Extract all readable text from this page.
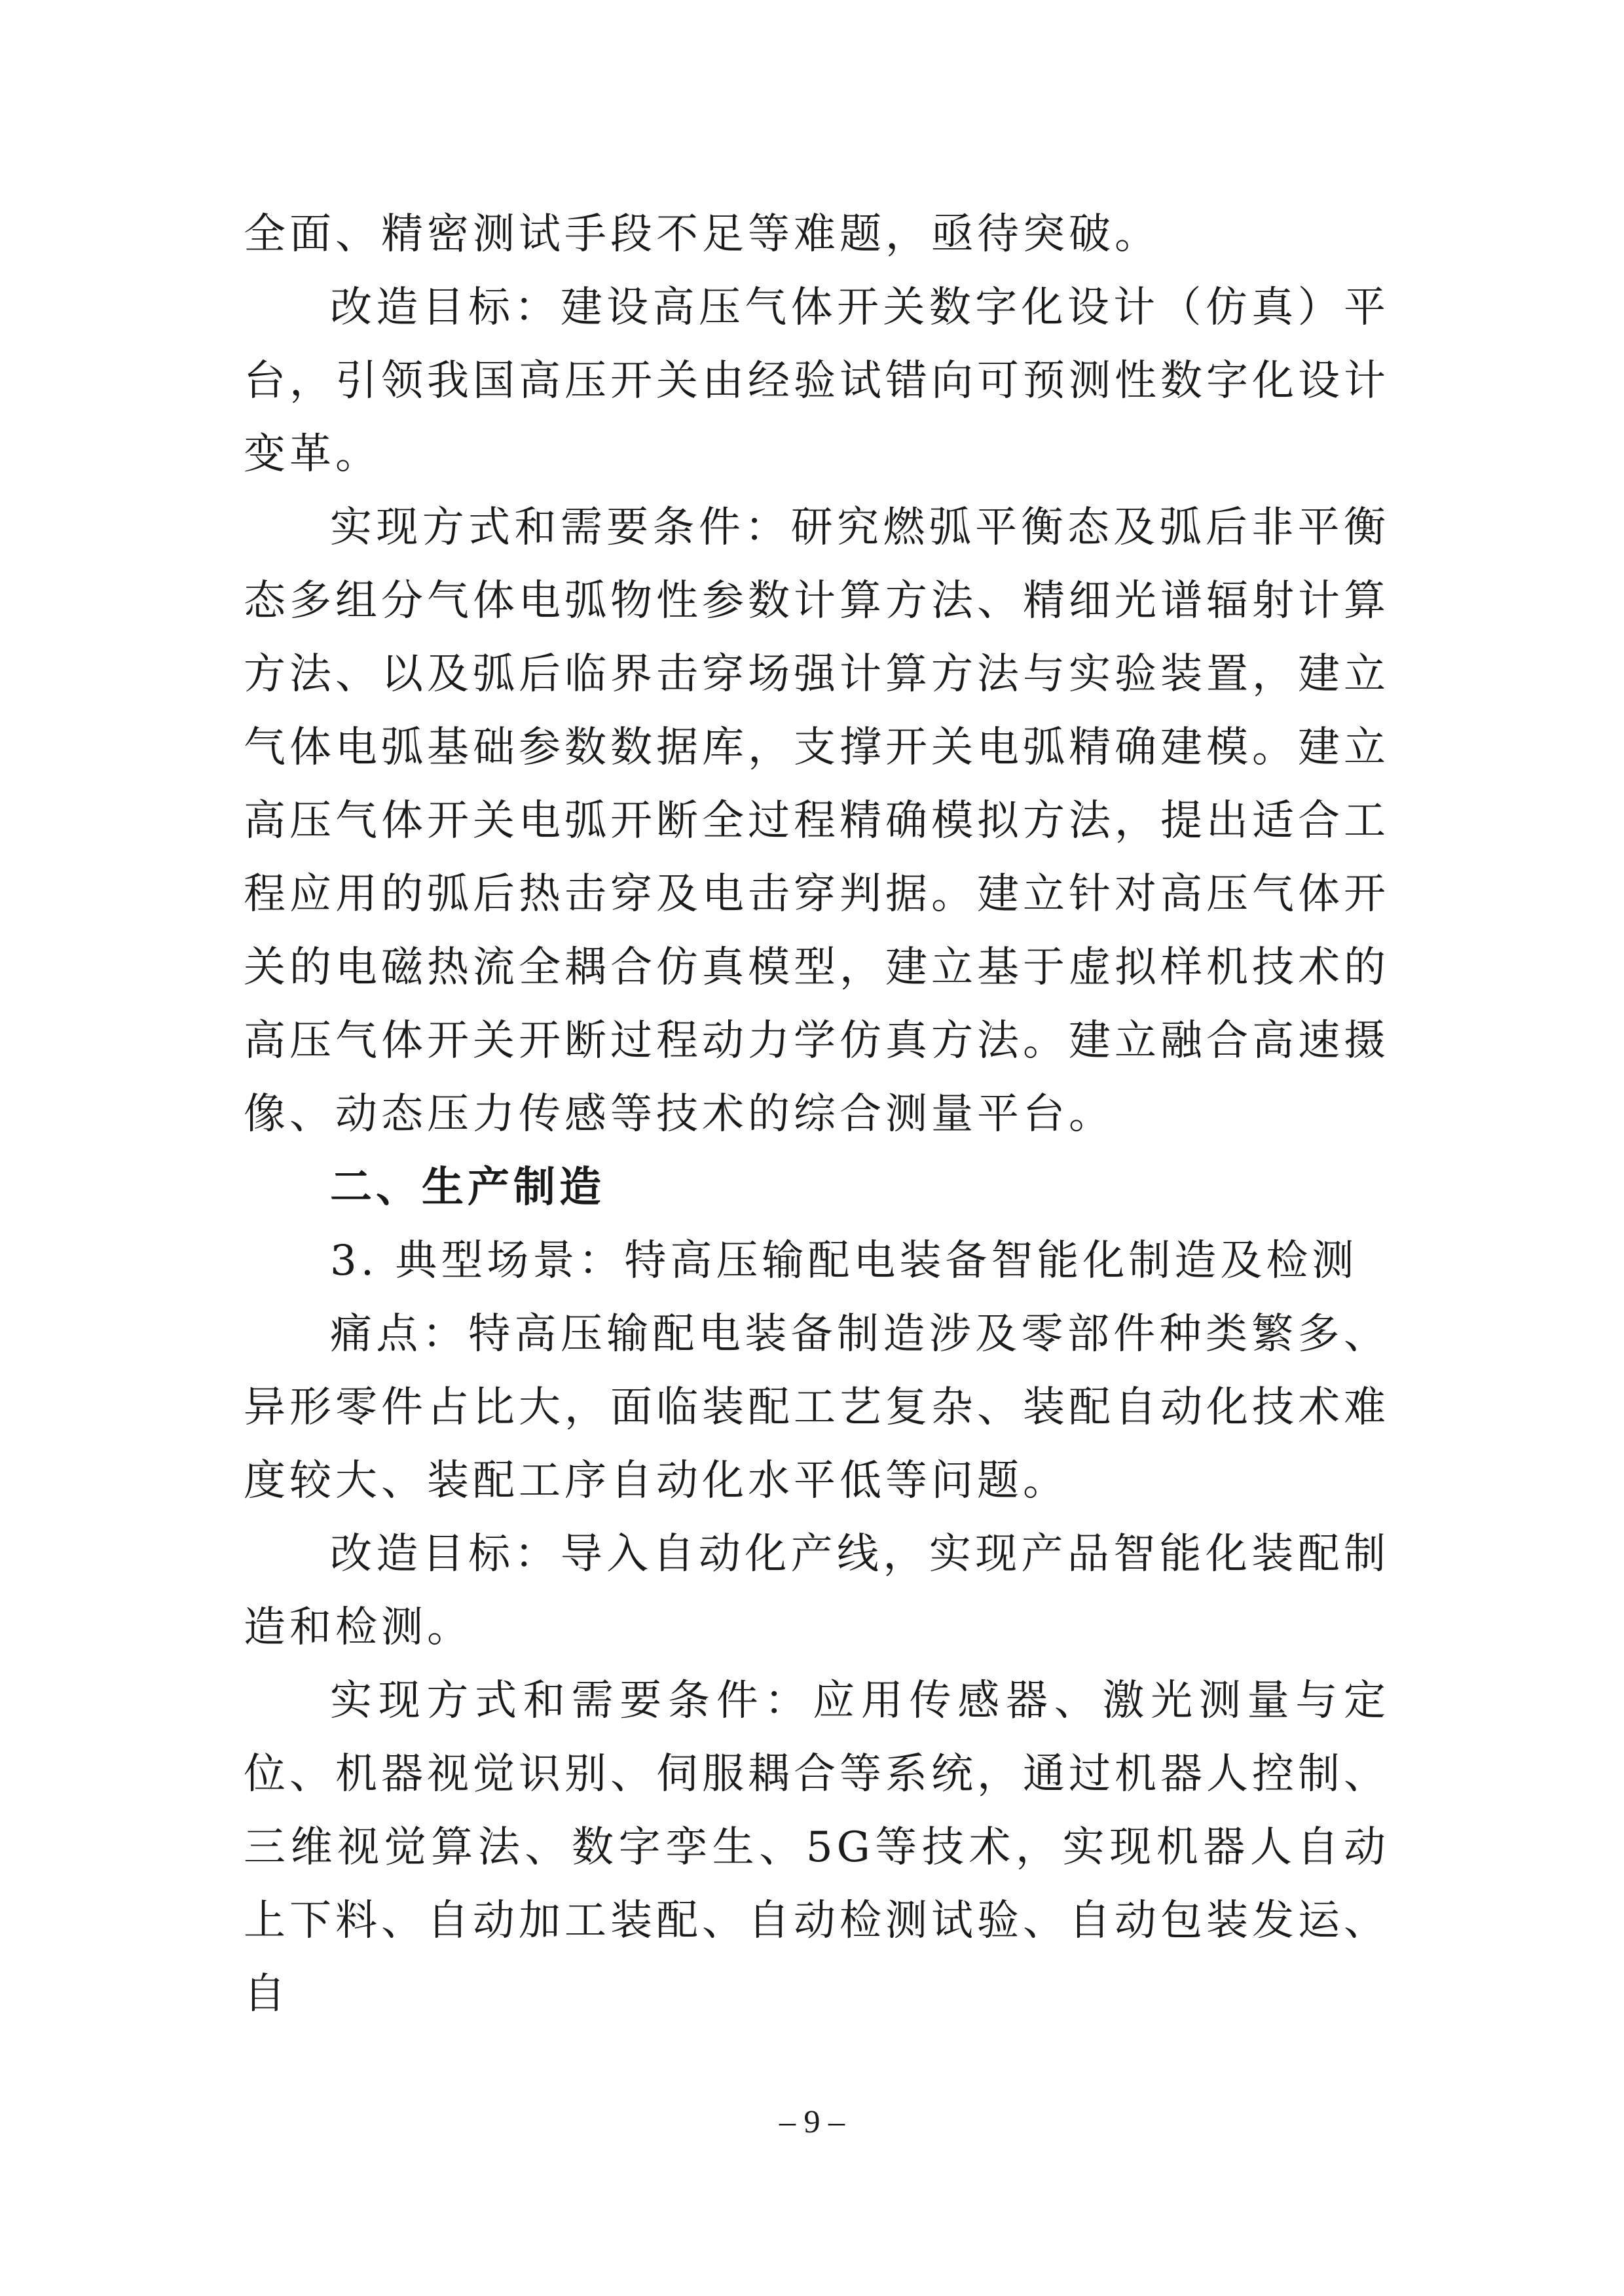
全面、精密测试手段不足等难题，亟待突破。

改造目标：建设高压气体开关数字化设计（仿真）平台，引领我国高压开关由经验试错向可预测性数字化设计变革。

实现方式和需要条件：研究燃弧平衡态及弧后非平衡态多组分气体电弧物性参数计算方法、精细光谱辐射计算方法、以及弧后临界击穿场强计算方法与实验装置，建立气体电弧基础参数数据库，支撑开关电弧精确建模。建立高压气体开关电弧开断全过程精确模拟方法，提出适合工程应用的弧后热击穿及电击穿判据。建立针对高压气体开关的电磁热流全耦合仿真模型，建立基于虚拟样机技术的高压气体开关开断过程动力学仿真方法。建立融合高速摄像、动态压力传感等技术的综合测量平台。

二、生产制造

3. 典型场景：特高压输配电装备智能化制造及检测

痛点：特高压输配电装备制造涉及零部件种类繁多、异形零件占比大，面临装配工艺复杂、装配自动化技术难度较大、装配工序自动化水平低等问题。

改造目标：导入自动化产线，实现产品智能化装配制造和检测。

实现方式和需要条件：应用传感器、激光测量与定位、机器视觉识别、伺服耦合等系统，通过机器人控制、三维视觉算法、数字孪生、5G等技术，实现机器人自动上下料、自动加工装配、自动检测试验、自动包装发运、自

– 9 –
